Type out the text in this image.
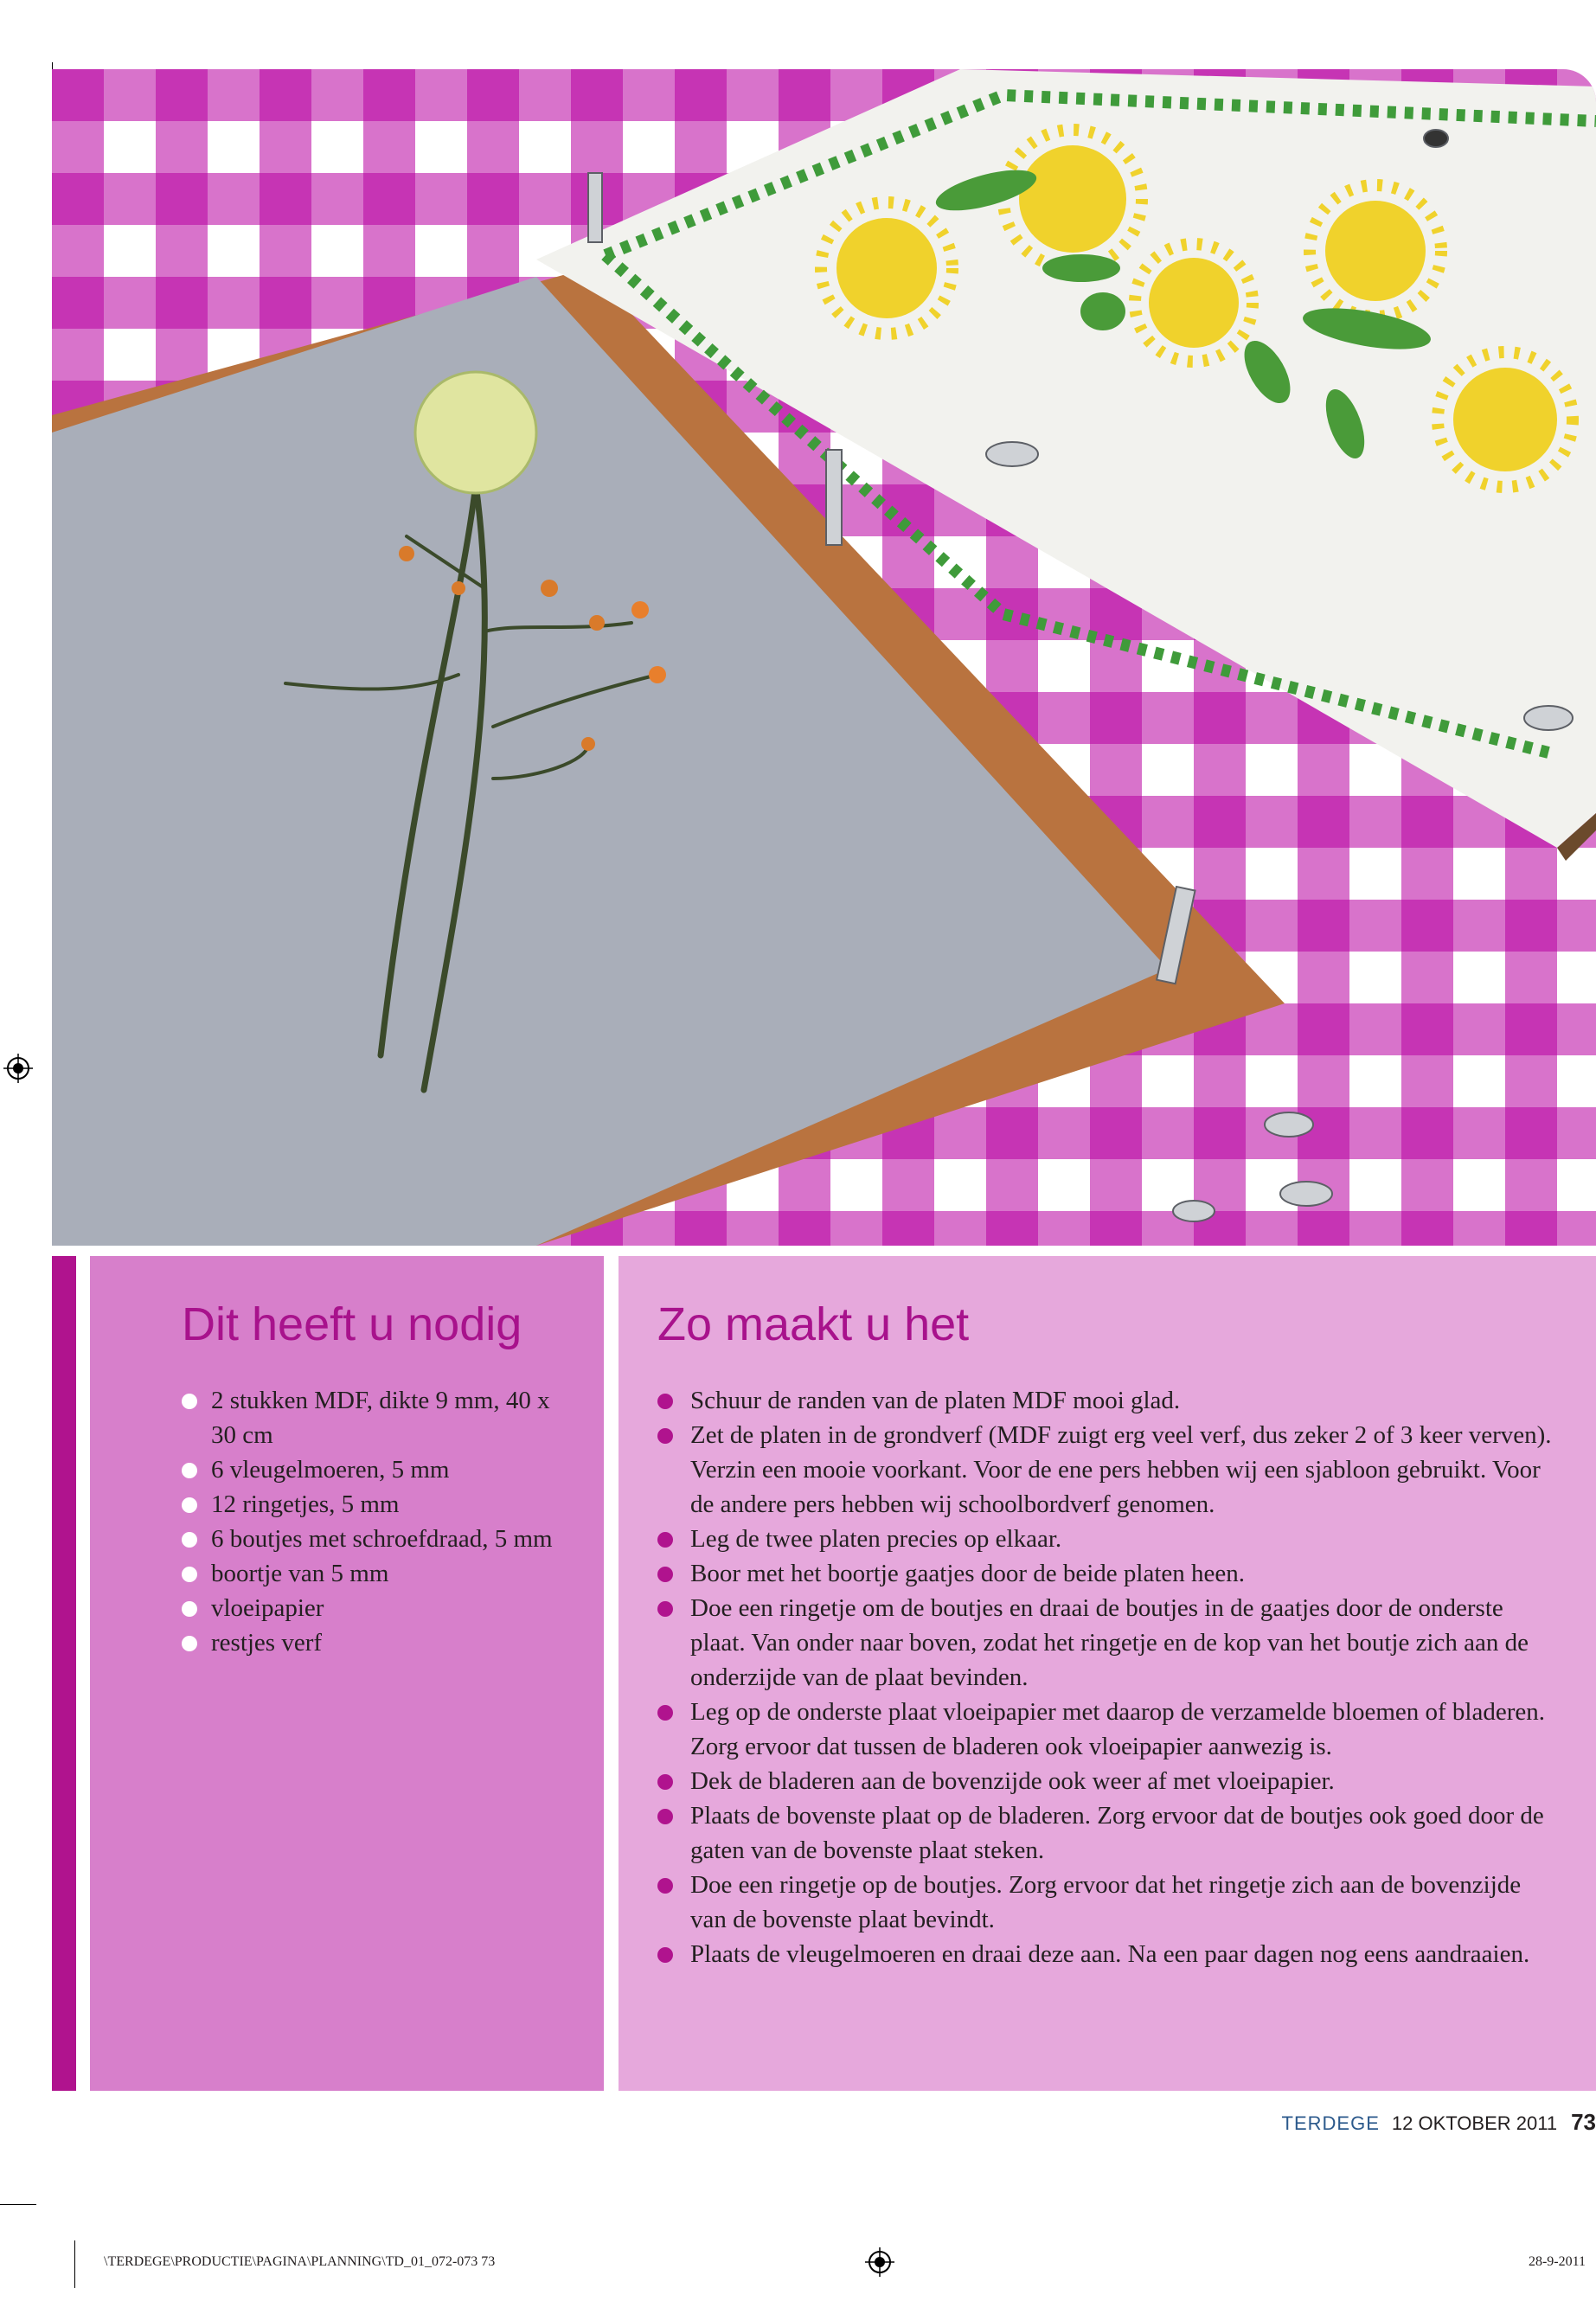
Dit heeft u nodig
2 stukken MDF, dikte 9 mm, 40 x 30 cm
6 vleugelmoeren, 5 mm
12 ringetjes, 5 mm
6 boutjes met schroefdraad, 5 mm
boortje van 5 mm
vloeipapier
restjes verf
Zo maakt u het
Schuur de randen van de platen MDF mooi glad.
Zet de platen in de grondverf (MDF zuigt erg veel verf, dus zeker 2 of 3 keer verven). Verzin een mooie voorkant. Voor de ene pers hebben wij een sjabloon gebruikt. Voor de andere pers hebben wij schoolbordverf genomen.
Leg de twee platen precies op elkaar.
Boor met het boortje gaatjes door de beide platen heen.
Doe een ringetje om de boutjes en draai de boutjes in de gaatjes door de onderste plaat. Van onder naar boven, zodat het ringetje en de kop van het boutje zich aan de onderzijde van de plaat bevinden.
Leg op de onderste plaat vloeipapier met daarop de verzamelde bloemen of bladeren. Zorg ervoor dat tussen de bladeren ook vloeipapier aanwezig is.
Dek de bladeren aan de bovenzijde ook weer af met vloeipapier.
Plaats de bovenste plaat op de bladeren. Zorg ervoor dat de boutjes ook goed door de gaten van de bovenste plaat steken.
Doe een ringetje op de boutjes. Zorg ervoor dat het ringetje zich aan de bovenzijde van de bovenste plaat bevindt.
Plaats de vleugelmoeren en draai deze aan. Na een paar dagen nog eens aandraaien.
TERDEGE 12 OKTOBER 2011 73
\TERDEGE\PRODUCTIE\PAGINA\PLANNING\TD_01_072-073 73	28-9-2011
